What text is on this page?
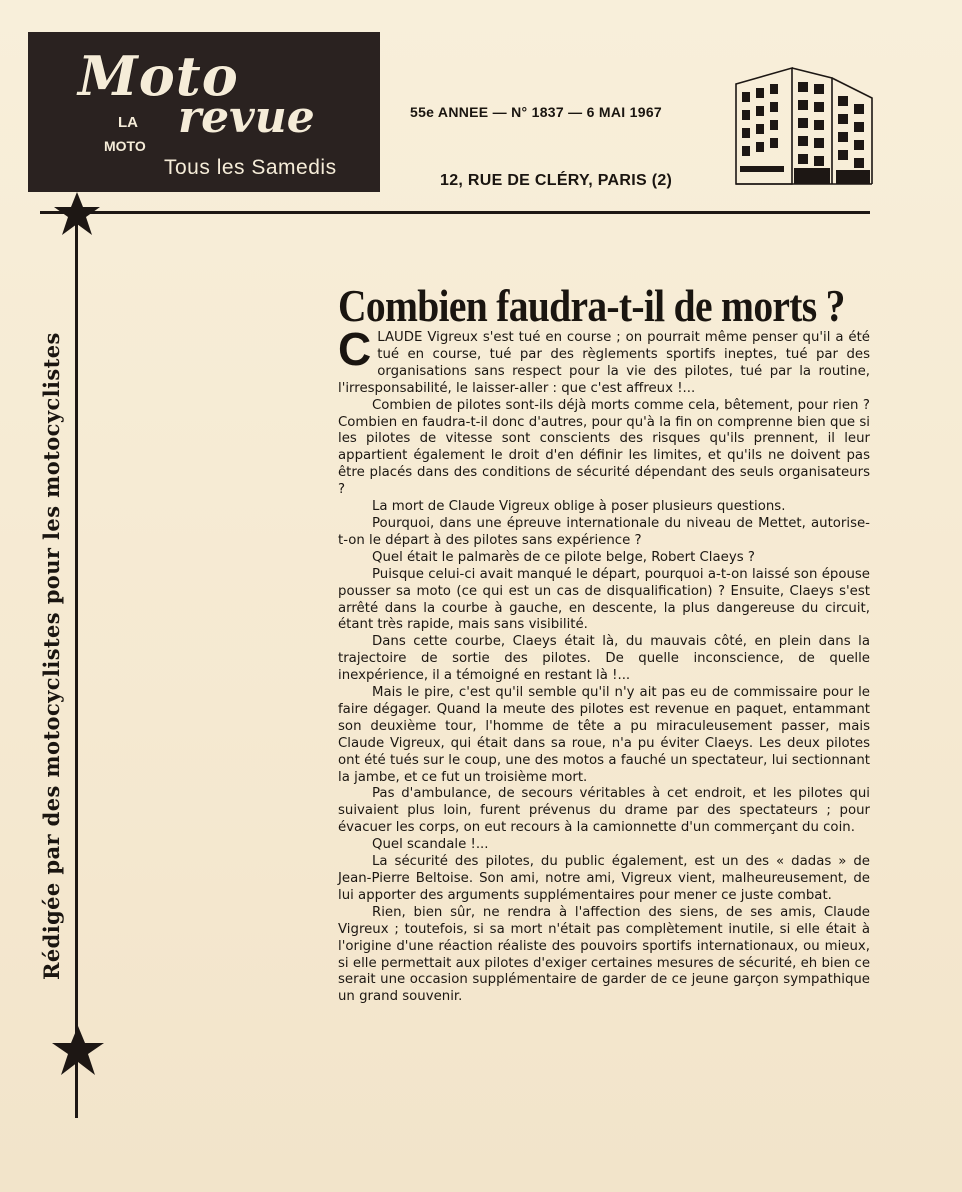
Moto
LA revue
MOTO
Tous les Samedis
55e ANNEE — N° 1837 — 6 MAI 1967
12, RUE DE CLÉRY, PARIS (2)
Rédigée par des motocyclistes pour les motocyclistes
Combien faudra-t-il de morts ?

CLAUDE Vigreux s'est tué en course ; on pourrait même penser qu'il a été tué en course, tué par des règlements sportifs ineptes, tué par des organisations sans respect pour la vie des pilotes, tué par la routine, l'irresponsabilité, le laisser-aller : que c'est affreux !...

Combien de pilotes sont-ils déjà morts comme cela, bêtement, pour rien ? Combien en faudra-t-il donc d'autres, pour qu'à la fin on comprenne bien que si les pilotes de vitesse sont conscients des risques qu'ils prennent, il leur appartient également le droit d'en définir les limites, et qu'ils ne doivent pas être placés dans des conditions de sécurité dépendant des seuls organisateurs ?

La mort de Claude Vigreux oblige à poser plusieurs questions.

Pourquoi, dans une épreuve internationale du niveau de Mettet, autorise-t-on le départ à des pilotes sans expérience ?

Quel était le palmarès de ce pilote belge, Robert Claeys ?

Puisque celui-ci avait manqué le départ, pourquoi a-t-on laissé son épouse pousser sa moto (ce qui est un cas de disqualification) ? Ensuite, Claeys s'est arrêté dans la courbe à gauche, en descente, la plus dangereuse du circuit, étant très rapide, mais sans visibilité.

Dans cette courbe, Claeys était là, du mauvais côté, en plein dans la trajectoire de sortie des pilotes. De quelle inconscience, de quelle inexpérience, il a témoigné en restant là !...

Mais le pire, c'est qu'il semble qu'il n'y ait pas eu de commissaire pour le faire dégager. Quand la meute des pilotes est revenue en paquet, entammant son deuxième tour, l'homme de tête a pu miraculeusement passer, mais Claude Vigreux, qui était dans sa roue, n'a pu éviter Claeys. Les deux pilotes ont été tués sur le coup, une des motos a fauché un spectateur, lui sectionnant la jambe, et ce fut un troisième mort.

Pas d'ambulance, de secours véritables à cet endroit, et les pilotes qui suivaient plus loin, furent prévenus du drame par des spectateurs ; pour évacuer les corps, on eut recours à la camionnette d'un commerçant du coin.

Quel scandale !...

La sécurité des pilotes, du public également, est un des « dadas » de Jean-Pierre Beltoise. Son ami, notre ami, Vigreux vient, malheureusement, de lui apporter des arguments supplémentaires pour mener ce juste combat.

Rien, bien sûr, ne rendra à l'affection des siens, de ses amis, Claude Vigreux ; toutefois, si sa mort n'était pas complètement inutile, si elle était à l'origine d'une réaction réaliste des pouvoirs sportifs internationaux, ou mieux, si elle permettait aux pilotes d'exiger certaines mesures de sécurité, eh bien ce serait une occasion supplémentaire de garder de ce jeune garçon sympathique un grand souvenir.
